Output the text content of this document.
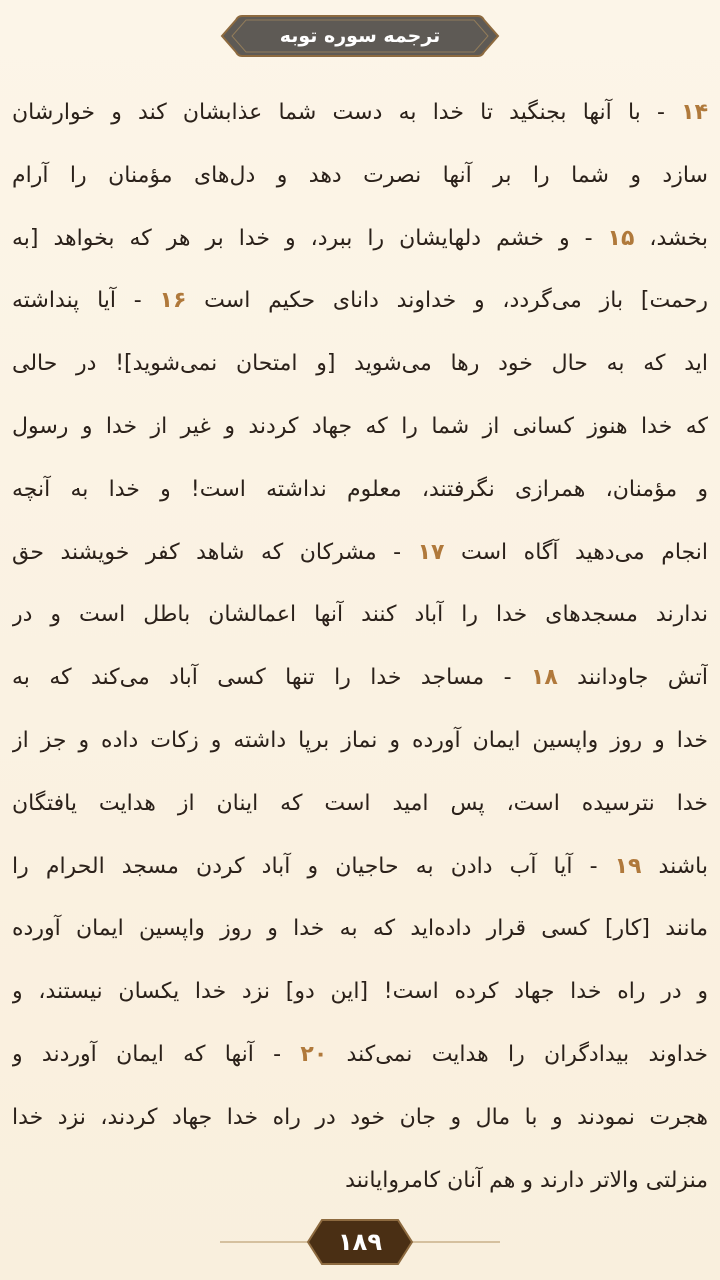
ترجمه سوره توبه
۱۴ - با آنها بجنگید تا خدا به دست شما عذابشان کند و خوارشان
سازد و شما را بر آنها نصرت دهد و دل‌های مؤمنان را آرام
بخشد، ۱۵ - و خشم دلهایشان را ببرد، و خدا بر هر که بخواهد [به
رحمت] باز می‌گردد، و خداوند دانای حکیم است ۱۶ - آیا پنداشته
اید که به حال خود رها می‌شوید [و امتحان نمی‌شوید]! در حالی
که خدا هنوز کسانی از شما را که جهاد کردند و غیر از خدا و رسول
و مؤمنان، همرازی نگرفتند، معلوم نداشته است! و خدا به آنچه
انجام می‌دهید آگاه است ۱۷ - مشرکان که شاهد کفر خویشند حق
ندارند مسجدهای خدا را آباد کنند آنها اعمالشان باطل است و در
آتش جاودانند ۱۸ - مساجد خدا را تنها کسی آباد می‌کند که به
خدا و روز واپسین ایمان آورده و نماز برپا داشته و زکات داده و جز از
خدا نترسیده است، پس امید است که اینان از هدایت یافتگان
باشند ۱۹ - آیا آب دادن به حاجیان و آباد کردن مسجد الحرام را
مانند [کار] کسی قرار داده‌اید که به خدا و روز واپسین ایمان آورده
و در راه خدا جهاد کرده است! [این دو] نزد خدا یکسان نیستند، و
خداوند بیدادگران را هدایت نمی‌کند ۲۰ - آنها که ایمان آوردند و
هجرت نمودند و با مال و جان خود در راه خدا جهاد کردند، نزد خدا
منزلتی والاتر دارند و هم آنان کامروایانند
۱۸۹
